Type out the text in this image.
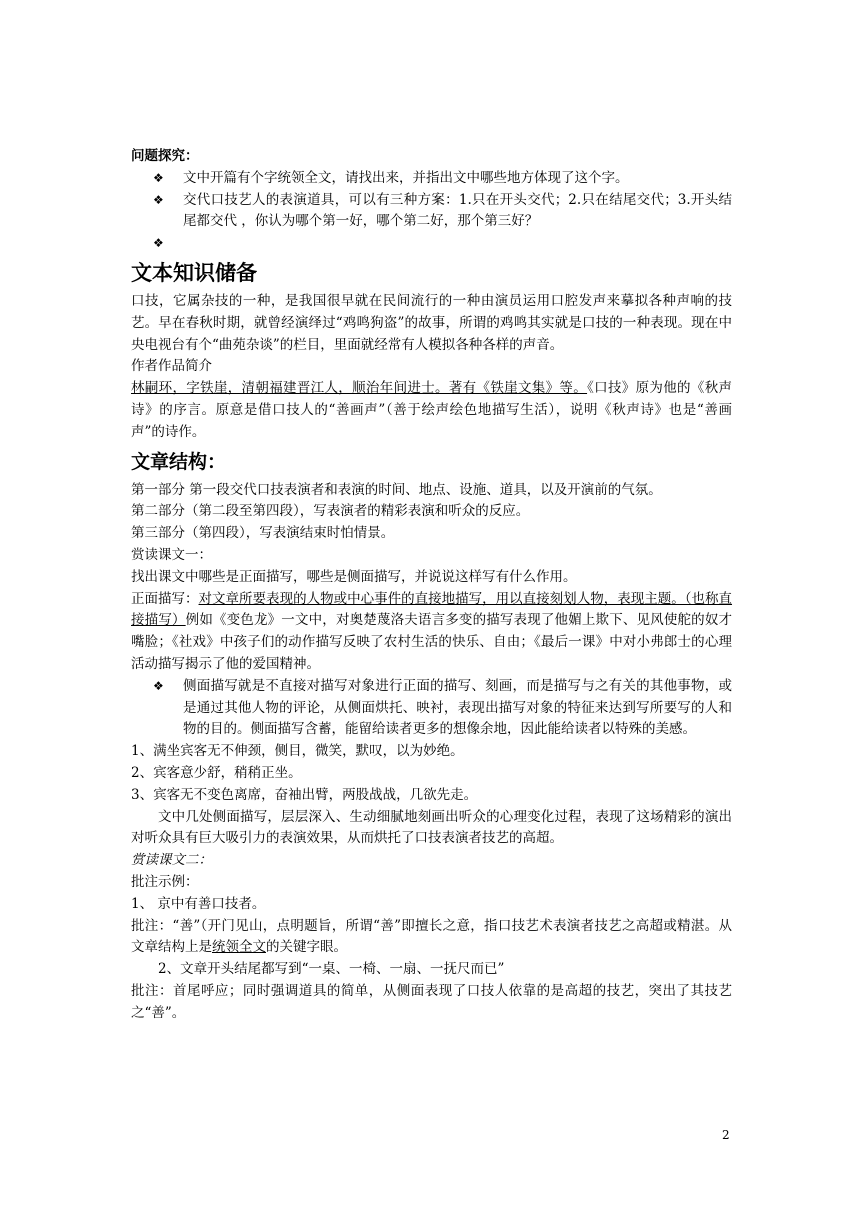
问题探究：

❖ 文中开篇有个字统领全文，请找出来，并指出文中哪些地方体现了这个字。

❖ 交代口技艺人的表演道具，可以有三种方案：1.只在开头交代；2.只在结尾交代；3.开头结尾都交代 ，你认为哪个第一好，哪个第二好，那个第三好？

❖

文本知识储备

口技，它属杂技的一种，是我国很早就在民间流行的一种由演员运用口腔发声来摹拟各种声响的技艺。早在春秋时期，就曾经演绎过“鸡鸣狗盗”的故事，所谓的鸡鸣其实就是口技的一种表现。现在中央电视台有个“曲苑杂谈”的栏目，里面就经常有人模拟各种各样的声音。

作者作品简介

林嗣环，字铁崖，清朝福建晋江人，顺治年间进士。著有《铁崖文集》等。《口技》原为他的《秋声诗》的序言。原意是借口技人的“善画声”（善于绘声绘色地描写生活），说明《秋声诗》也是“善画声”的诗作。

文章结构：

第一部分 第一段交代口技表演者和表演的时间、地点、设施、道具，以及开演前的气氛。

第二部分（第二段至第四段），写表演者的精彩表演和听众的反应。

第三部分（第四段），写表演结束时怕情景。

赏读课文一：

找出课文中哪些是正面描写，哪些是侧面描写，并说说这样写有什么作用。

正面描写：对文章所要表现的人物或中心事件的直接地描写，用以直接刻划人物，表现主题。（也称直接描写）例如《变色龙》一文中，对奥楚蔑洛夫语言多变的描写表现了他媚上欺下、见风使舵的奴才嘴脸；《社戏》中孩子们的动作描写反映了农村生活的快乐、自由；《最后一课》中对小弗郎士的心理活动描写揭示了他的爱国精神。

❖ 侧面描写就是不直接对描写对象进行正面的描写、刻画，而是描写与之有关的其他事物，或是通过其他人物的评论，从侧面烘托、映衬，表现出描写对象的特征来达到写所要写的人和物的目的。侧面描写含蓄，能留给读者更多的想像余地，因此能给读者以特殊的美感。

1、满坐宾客无不伸颈，侧目，微笑，默叹，以为妙绝。

2、宾客意少舒，稍稍正坐。

3、宾客无不变色离席，奋袖出臂，两股战战，几欲先走。

文中几处侧面描写，层层深入、生动细腻地刻画出听众的心理变化过程，表现了这场精彩的演出对听众具有巨大吸引力的表演效果，从而烘托了口技表演者技艺的高超。

赏读课文二：

批注示例：

1、 京中有善口技者。

批注：“善”（开门见山，点明题旨，所谓“善”即擅长之意，指口技艺术表演者技艺之高超或精湛。从文章结构上是统领全文的关键字眼。

2、文章开头结尾都写到“一桌、一椅、一扇、一抚尺而已”

批注：首尾呼应；同时强调道具的简单，从侧面表现了口技人依靠的是高超的技艺，突出了其技艺之“善”。

2
